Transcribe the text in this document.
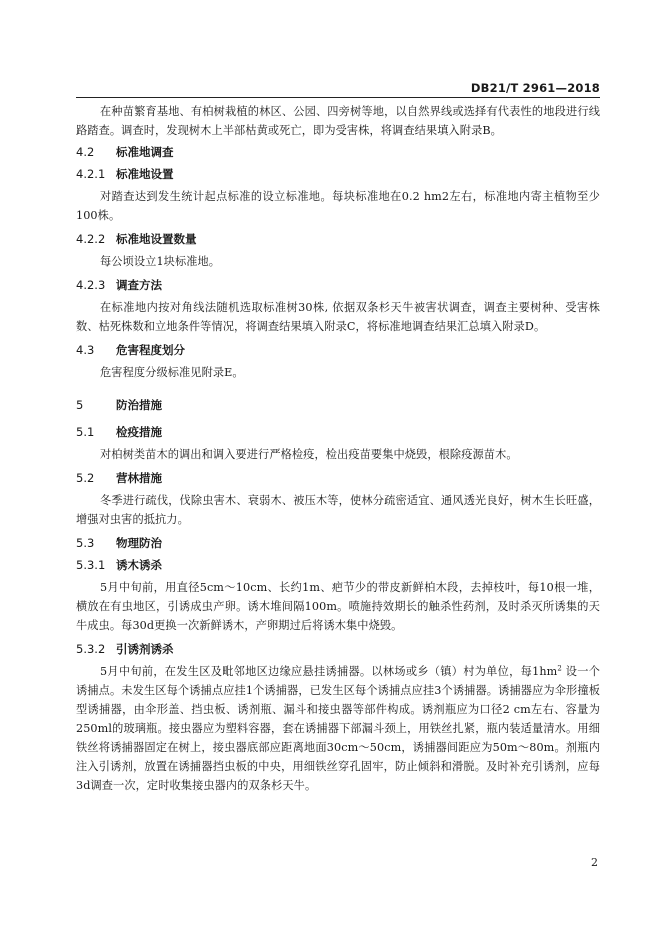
DB21/T 2961—2018

在种苗繁育基地、有柏树栽植的林区、公园、四旁树等地，以自然界线或选择有代表性的地段进行线路踏查。调查时，发现树木上半部枯黄或死亡，即为受害株，将调查结果填入附录B。

4.2 标准地调查

4.2.1 标准地设置

对踏查达到发生统计起点标准的设立标准地。每块标准地在0.2 hm2左右，标准地内寄主植物至少100株。

4.2.2 标准地设置数量

每公顷设立1块标准地。

4.2.3 调查方法

在标准地内按对角线法随机选取标准树30株, 依据双条杉天牛被害状调查，调查主要树种、受害株数、枯死株数和立地条件等情况，将调查结果填入附录C，将标准地调查结果汇总填入附录D。

4.3 危害程度划分

危害程度分级标准见附录E。

5	防治措施

5.1 检疫措施

对柏树类苗木的调出和调入要进行严格检疫，检出疫苗要集中烧毁，根除疫源苗木。

5.2 营林措施

冬季进行疏伐，伐除虫害木、衰弱木、被压木等，使林分疏密适宜、通风透光良好，树木生长旺盛，增强对虫害的抵抗力。

5.3 物理防治

5.3.1 诱木诱杀

5月中旬前，用直径5cm～10cm、长约1m、疤节少的带皮新鲜柏木段，去掉枝叶，每10根一堆，横放在有虫地区，引诱成虫产卵。诱木堆间隔100m。喷施持效期长的触杀性药剂，及时杀灭所诱集的天牛成虫。每30d更换一次新鲜诱木，产卵期过后将诱木集中烧毁。

5.3.2 引诱剂诱杀

5月中旬前，在发生区及毗邻地区边缘应悬挂诱捕器。以林场或乡（镇）村为单位，每$1hm^2$ 设一个诱捕点。未发生区每个诱捕点应挂1个诱捕器，已发生区每个诱捕点应挂3个诱捕器。诱捕器应为伞形撞板型诱捕器，由伞形盖、挡虫板、诱剂瓶、漏斗和接虫器等部件构成。诱剂瓶应为口径2 cm左右、容量为250ml的玻璃瓶。接虫器应为塑料容器，套在诱捕器下部漏斗颈上，用铁丝扎紧，瓶内装适量清水。用细铁丝将诱捕器固定在树上，接虫器底部应距离地面30cm～50cm，诱捕器间距应为50m～80m。剂瓶内注入引诱剂，放置在诱捕器挡虫板的中央，用细铁丝穿孔固牢，防止倾斜和滑脱。及时补充引诱剂，应每3d调查一次，定时收集接虫器内的双条杉天牛。

2
